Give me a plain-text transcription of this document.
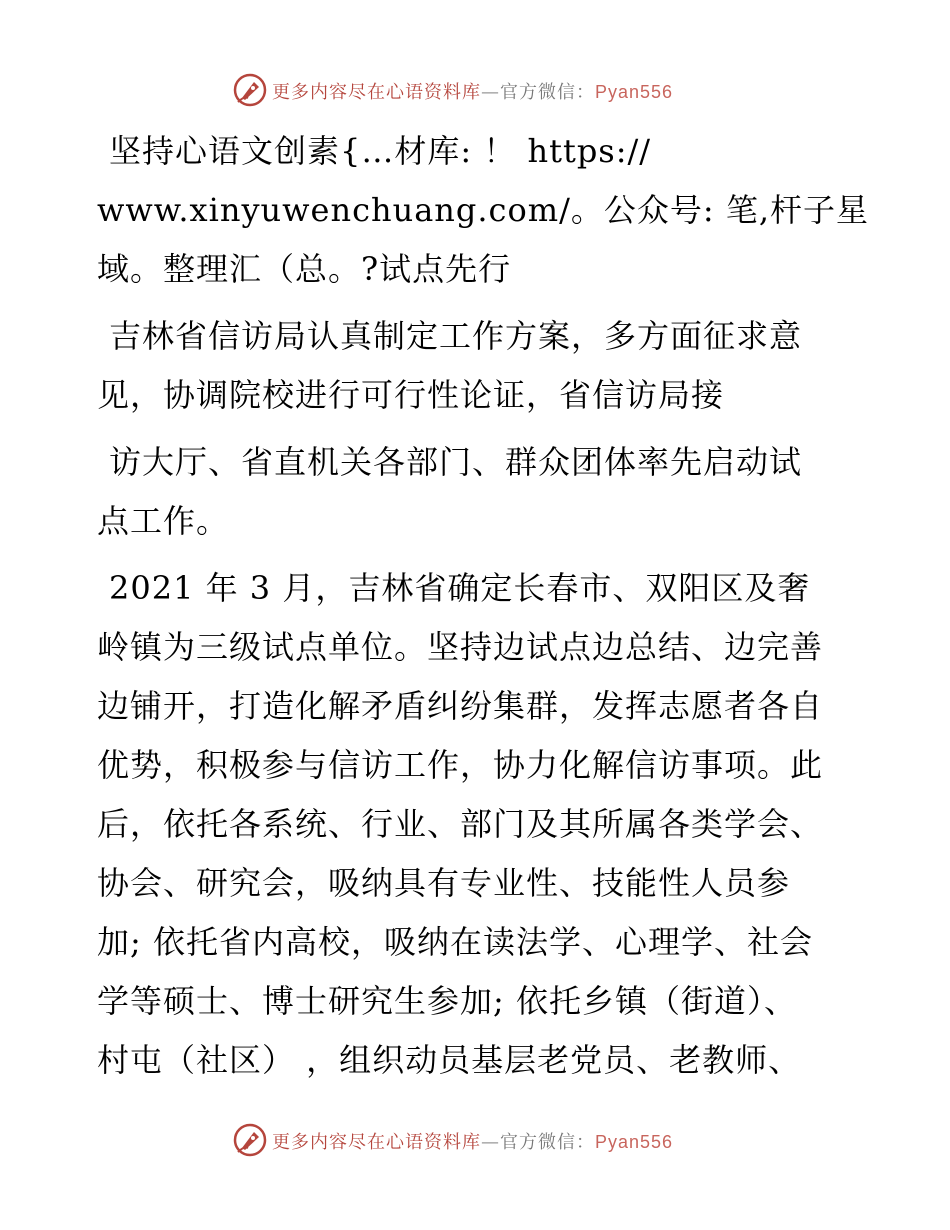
更多内容尽在心语资料库—官方微信：Pyan556

坚持心语文创素{…材库: ！ https://
www.xinyuwenchuang.com/。公众号: 笔,杆子星
域。整理汇（总。?试点先行

吉林省信访局认真制定工作方案，多方面征求意
见，协调院校进行可行性论证，省信访局接

访大厅、省直机关各部门、群众团体率先启动试
点工作。

2021 年 3 月，吉林省确定长春市、双阳区及奢
岭镇为三级试点单位。坚持边试点边总结、边完善
边铺开，打造化解矛盾纠纷集群，发挥志愿者各自
优势，积极参与信访工作，协力化解信访事项。此
后，依托各系统、行业、部门及其所属各类学会、
协会、研究会，吸纳具有专业性、技能性人员参
加; 依托省内高校，吸纳在读法学、心理学、社会
学等硕士、博士研究生参加; 依托乡镇（街道）、
村屯（社区） ，组织动员基层老党员、老教师、

更多内容尽在心语资料库—官方微信：Pyan556
